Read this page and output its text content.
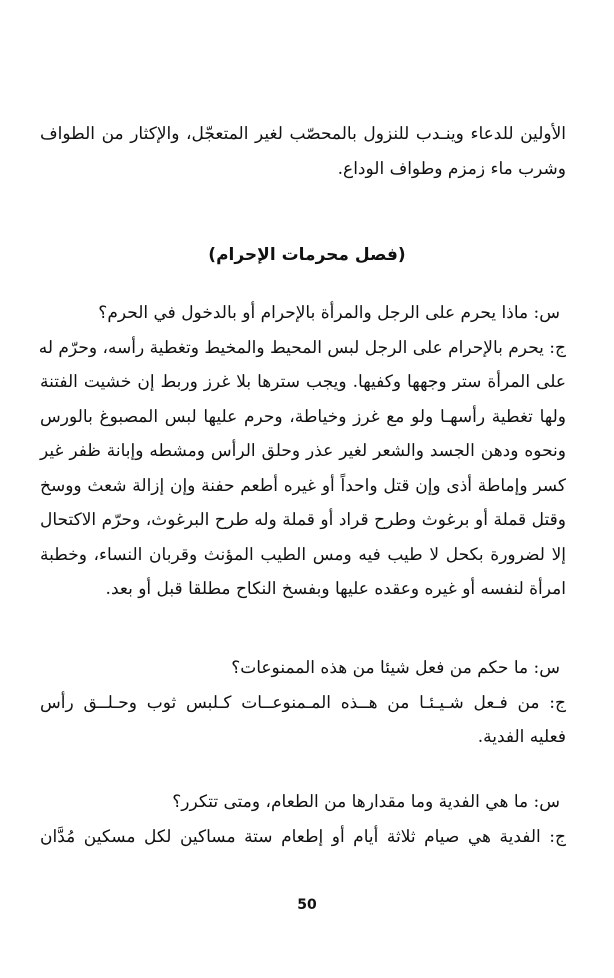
الأولين للدعاء وينـدب للنزول بالمحصّب لغير المتعجّل، والإكثار من الطواف
وشرب ماء زمزم وطواف الوداع.
(فصل محرمات الإحرام)
س: ماذا يحرم على الرجل والمرأة بالإحرام أو بالدخول في الحرم؟
ج: يحرم بالإحرام على الرجل لبس المحيط والمخيط وتغطية رأسه، وحرّم له
على المرأة ستر وجهها وكفيها. ويجب سترها بلا غرز وربط إن خشيت الفتنة
ولها تغطية رأسهـا ولو مع غرز وخياطة، وحرم عليها لبس المصبوغ بالورس
ونحوه ودهن الجسد والشعر لغير عذر وحلق الرأس ومشطه وإبانة ظفر غير
كسر وإماطة أذى وإن قتل واحداً أو غيره أطعم حفنة وإن إزالة شعث ووسخ
وقتل قملة أو برغوث وطرح قراد أو قملة وله طرح البرغوث، وحرّم الاكتحال
إلا لضرورة بكحل لا طيب فيه ومس الطيب المؤنث وقربان النساء، وخطبة
امرأة لنفسه أو غيره وعقده عليها وبفسخ النكاح مطلقا قبل أو بعد.
س: ما حكم من فعل شيئا من هذه الممنوعات؟
ج: من فـعل شـيـئـا من هــذه المـمنوعــات كـلبس ثوب وحـلــق رأس
فعليه الفدية.
س: ما هي الفدية وما مقدارها من الطعام، ومتى تتكرر؟
ج: الفدية هي صيام ثلاثة أيام أو إطعام ستة مساكين لكل مسكين مُدَّان
50
